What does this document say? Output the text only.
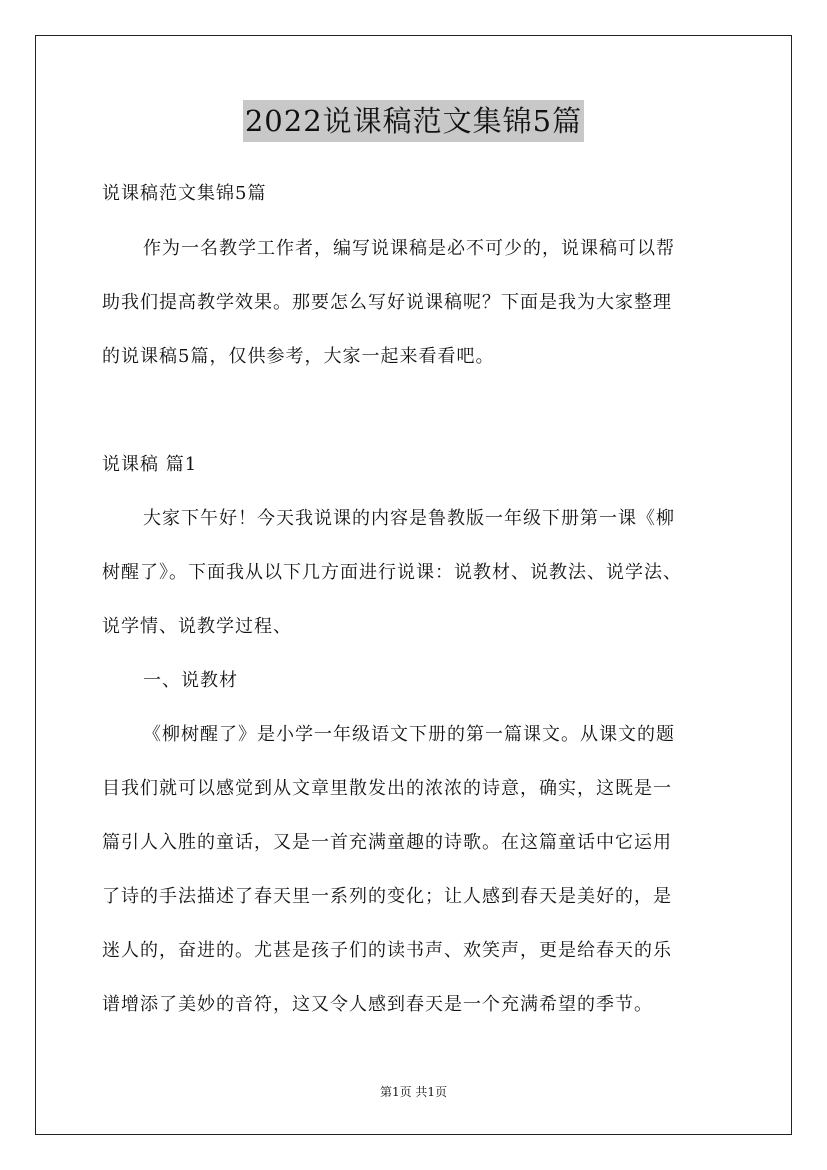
2022说课稿范文集锦5篇
说课稿范文集锦5篇
作为一名教学工作者，编写说课稿是必不可少的，说课稿可以帮
助我们提高教学效果。那要怎么写好说课稿呢？下面是我为大家整理
的说课稿5篇，仅供参考，大家一起来看看吧。
说课稿 篇1
大家下午好！今天我说课的内容是鲁教版一年级下册第一课《柳
树醒了》。下面我从以下几方面进行说课：说教材、说教法、说学法、
说学情、说教学过程、
一、说教材
《柳树醒了》是小学一年级语文下册的第一篇课文。从课文的题
目我们就可以感觉到从文章里散发出的浓浓的诗意，确实，这既是一
篇引人入胜的童话，又是一首充满童趣的诗歌。在这篇童话中它运用
了诗的手法描述了春天里一系列的变化；让人感到春天是美好的，是
迷人的，奋进的。尤甚是孩子们的读书声、欢笑声，更是给春天的乐
谱增添了美妙的音符，这又令人感到春天是一个充满希望的季节。
第1页 共1页
